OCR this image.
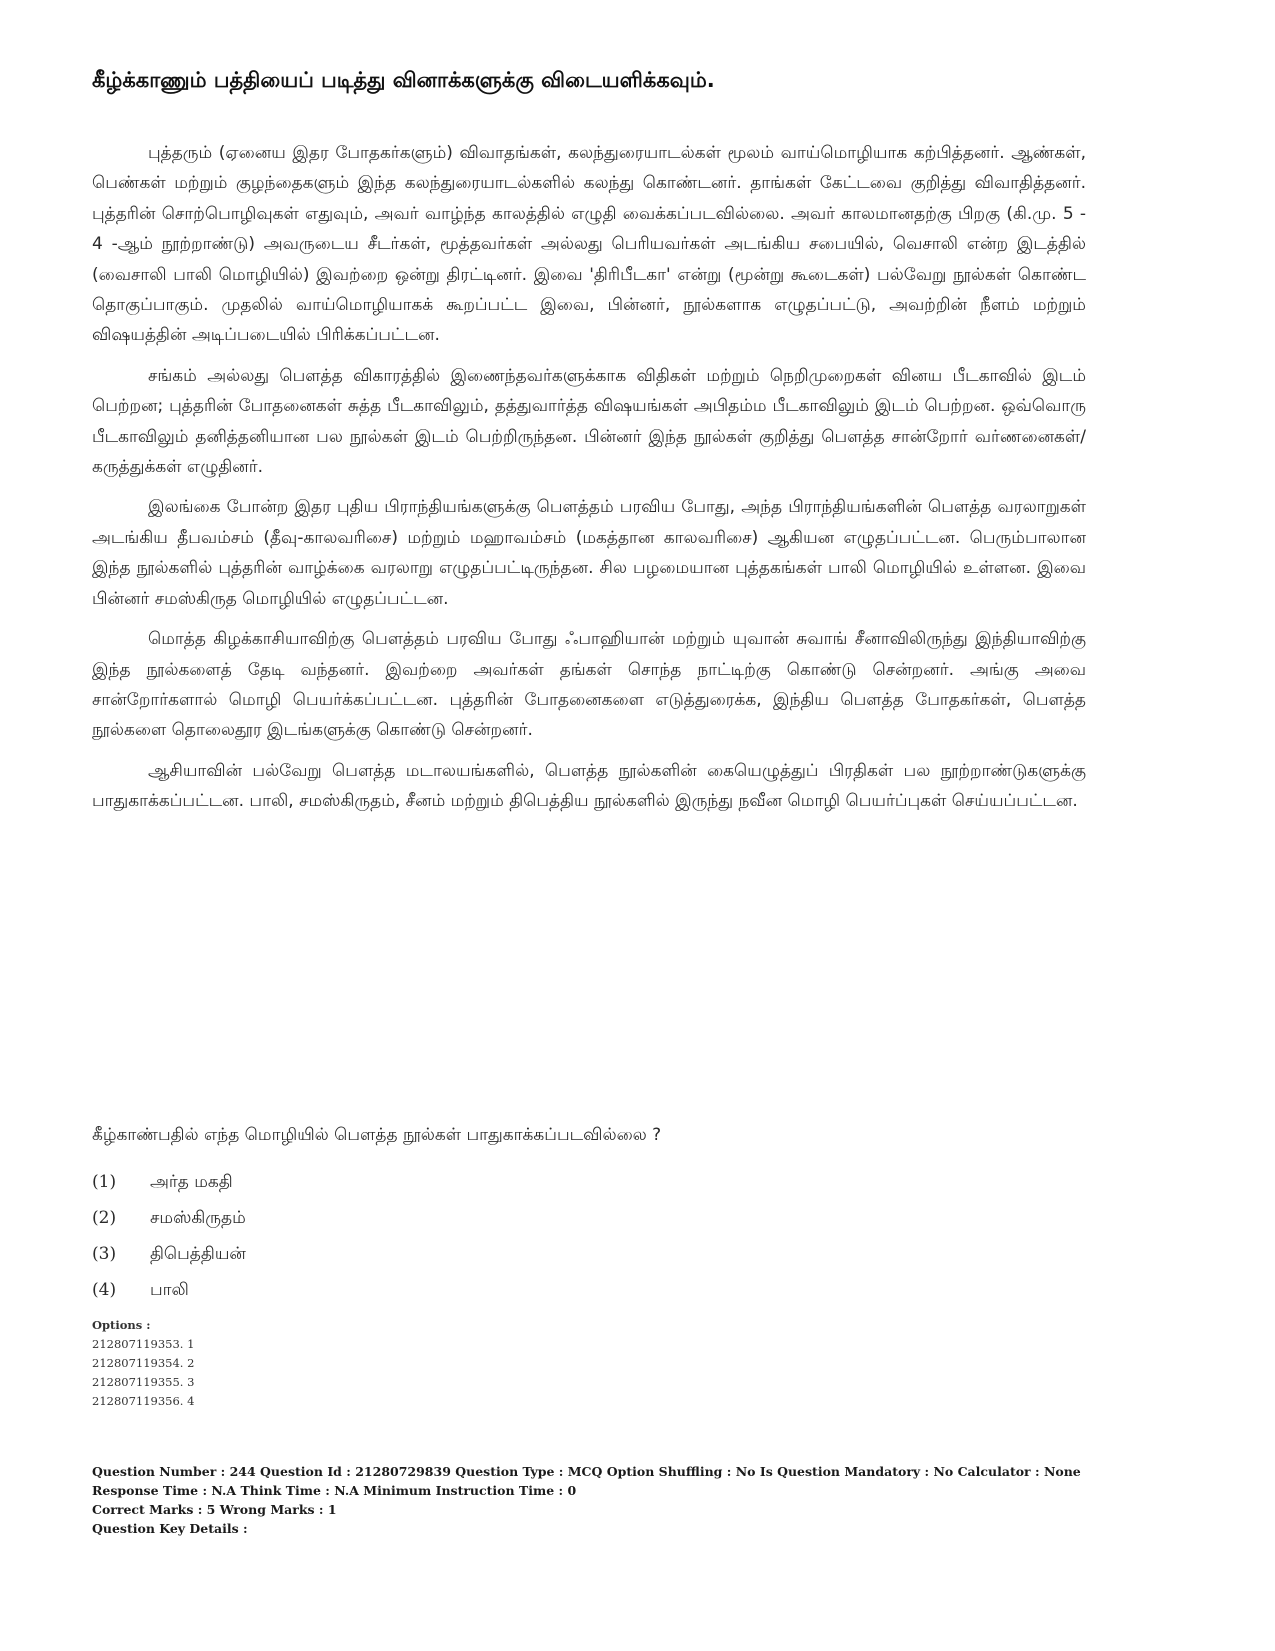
கீழ்க்காணும் பத்தியைப் படித்து வினாக்களுக்கு விடையளிக்கவும்.

புத்தரும் (ஏனைய இதர போதகர்களும்) விவாதங்கள், கலந்துரையாடல்கள் மூலம் வாய்மொழியாக கற்பித்தனர். ஆண்கள், பெண்கள் மற்றும் குழந்தைகளும் இந்த கலந்துரையாடல்களில் கலந்து கொண்டனர். தாங்கள் கேட்டவை குறித்து விவாதித்தனர். புத்தரின் சொற்பொழிவுகள் எதுவும், அவர் வாழ்ந்த காலத்தில் எழுதி வைக்கப்படவில்லை. அவர் காலமானதற்கு பிறகு (கி.மு. 5 - 4 -ஆம் நூற்றாண்டு) அவருடைய சீடர்கள், மூத்தவர்கள் அல்லது பெரியவர்கள் அடங்கிய சபையில், வெசாலி என்ற இடத்தில் (வைசாலி பாலி மொழியில்) இவற்றை ஒன்று திரட்டினர். இவை 'திரிபீடகா' என்று (மூன்று கூடைகள்) பல்வேறு நூல்கள் கொண்ட தொகுப்பாகும். முதலில் வாய்மொழியாகக் கூறப்பட்ட இவை, பின்னர், நூல்களாக எழுதப்பட்டு, அவற்றின் நீளம் மற்றும் விஷயத்தின் அடிப்படையில் பிரிக்கப்பட்டன.

சங்கம் அல்லது பௌத்த விகாரத்தில் இணைந்தவர்களுக்காக விதிகள் மற்றும் நெறிமுறைகள் வினய பீடகாவில் இடம் பெற்றன; புத்தரின் போதனைகள் சுத்த பீடகாவிலும், தத்துவார்த்த விஷயங்கள் அபிதம்ம பீடகாவிலும் இடம் பெற்றன. ஒவ்வொரு பீடகாவிலும் தனித்தனியான பல நூல்கள் இடம் பெற்றிருந்தன. பின்னர் இந்த நூல்கள் குறித்து பௌத்த சான்றோர் வர்ணனைகள்/கருத்துக்கள் எழுதினர்.

இலங்கை போன்ற இதர புதிய பிராந்தியங்களுக்கு பௌத்தம் பரவிய போது, அந்த பிராந்தியங்களின் பௌத்த வரலாறுகள் அடங்கிய தீபவம்சம் (தீவு-காலவரிசை) மற்றும் மஹாவம்சம் (மகத்தான காலவரிசை) ஆகியன எழுதப்பட்டன. பெரும்பாலான இந்த நூல்களில் புத்தரின் வாழ்க்கை வரலாறு எழுதப்பட்டிருந்தன. சில பழமையான புத்தகங்கள் பாலி மொழியில் உள்ளன. இவை பின்னர் சமஸ்கிருத மொழியில் எழுதப்பட்டன.

மொத்த கிழக்காசியாவிற்கு பௌத்தம் பரவிய போது ஃபாஹியான் மற்றும் யுவான் சுவாங் சீனாவிலிருந்து இந்தியாவிற்கு இந்த நூல்களைத் தேடி வந்தனர். இவற்றை அவர்கள் தங்கள் சொந்த நாட்டிற்கு கொண்டு சென்றனர். அங்கு அவை சான்றோர்களால் மொழி பெயர்க்கப்பட்டன. புத்தரின் போதனைகளை எடுத்துரைக்க, இந்திய பௌத்த போதகர்கள், பௌத்த நூல்களை தொலைதூர இடங்களுக்கு கொண்டு சென்றனர்.

ஆசியாவின் பல்வேறு பௌத்த மடாலயங்களில், பௌத்த நூல்களின் கையெழுத்துப் பிரதிகள் பல நூற்றாண்டுகளுக்கு பாதுகாக்கப்பட்டன. பாலி, சமஸ்கிருதம், சீனம் மற்றும் திபெத்திய நூல்களில் இருந்து நவீன மொழி பெயர்ப்புகள் செய்யப்பட்டன.

கீழ்காண்பதில் எந்த மொழியில் பௌத்த நூல்கள் பாதுகாக்கப்படவில்லை ?
(1)	அர்த மகதி
(2)	சமஸ்கிருதம்
(3)	திபெத்தியன்
(4)	பாலி
Options :
212807119353. 1
212807119354. 2
212807119355. 3
212807119356. 4
Question Number : 244 Question Id : 21280729839 Question Type : MCQ Option Shuffling : No Is Question Mandatory : No Calculator : None
Response Time : N.A Think Time : N.A Minimum Instruction Time : 0
Correct Marks : 5 Wrong Marks : 1
Question Key Details :
